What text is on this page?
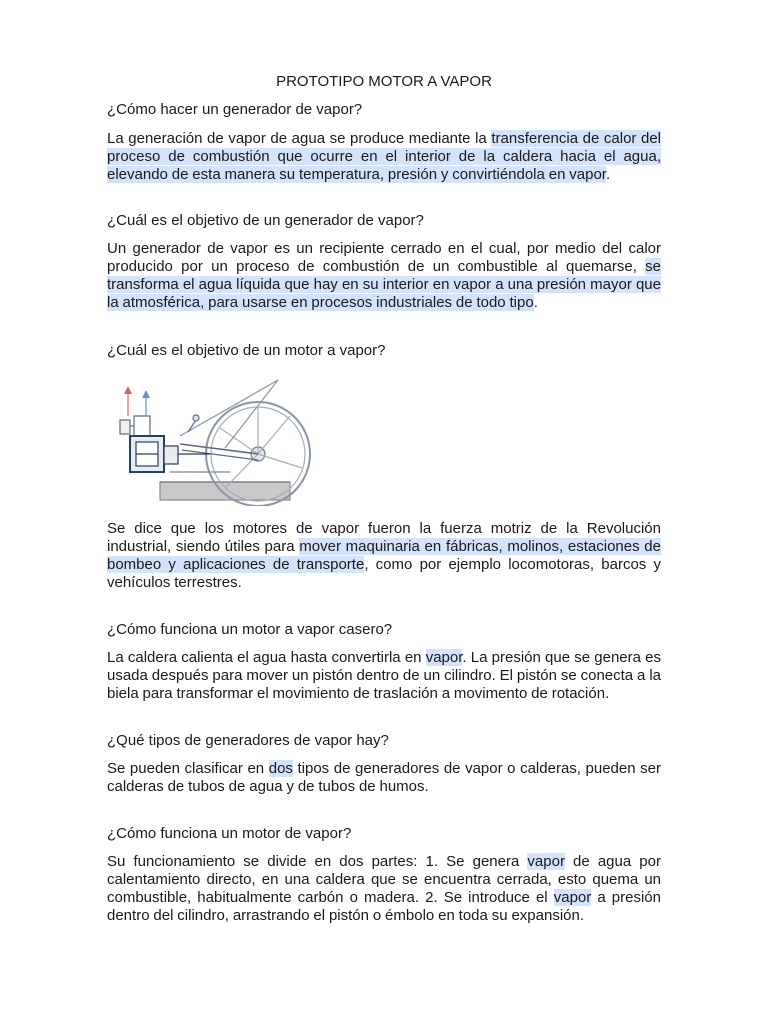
PROTOTIPO MOTOR A VAPOR

¿Cómo hacer un generador de vapor?

La generación de vapor de agua se produce mediante la transferencia de calor del proceso de combustión que ocurre en el interior de la caldera hacia el agua, elevando de esta manera su temperatura, presión y convirtiéndola en vapor.

¿Cuál es el objetivo de un generador de vapor?

Un generador de vapor es un recipiente cerrado en el cual, por medio del calor producido por un proceso de combustión de un combustible al quemarse, se transforma el agua líquida que hay en su interior en vapor a una presión mayor que la atmosférica, para usarse en procesos industriales de todo tipo.

¿Cuál es el objetivo de un motor a vapor?

Se dice que los motores de vapor fueron la fuerza motriz de la Revolución industrial, siendo útiles para mover maquinaria en fábricas, molinos, estaciones de bombeo y aplicaciones de transporte, como por ejemplo locomotoras, barcos y vehículos terrestres.

¿Cómo funciona un motor a vapor casero?

La caldera calienta el agua hasta convertirla en vapor. La presión que se genera es usada después para mover un pistón dentro de un cilindro. El pistón se conecta a la biela para transformar el movimiento de traslación a movimento de rotación.

¿Qué tipos de generadores de vapor hay?

Se pueden clasificar en dos tipos de generadores de vapor o calderas, pueden ser calderas de tubos de agua y de tubos de humos.

¿Cómo funciona un motor de vapor?

Su funcionamiento se divide en dos partes: 1. Se genera vapor de agua por calentamiento directo, en una caldera que se encuentra cerrada, esto quema un combustible, habitualmente carbón o madera. 2. Se introduce el vapor a presión dentro del cilindro, arrastrando el pistón o émbolo en toda su expansión.
